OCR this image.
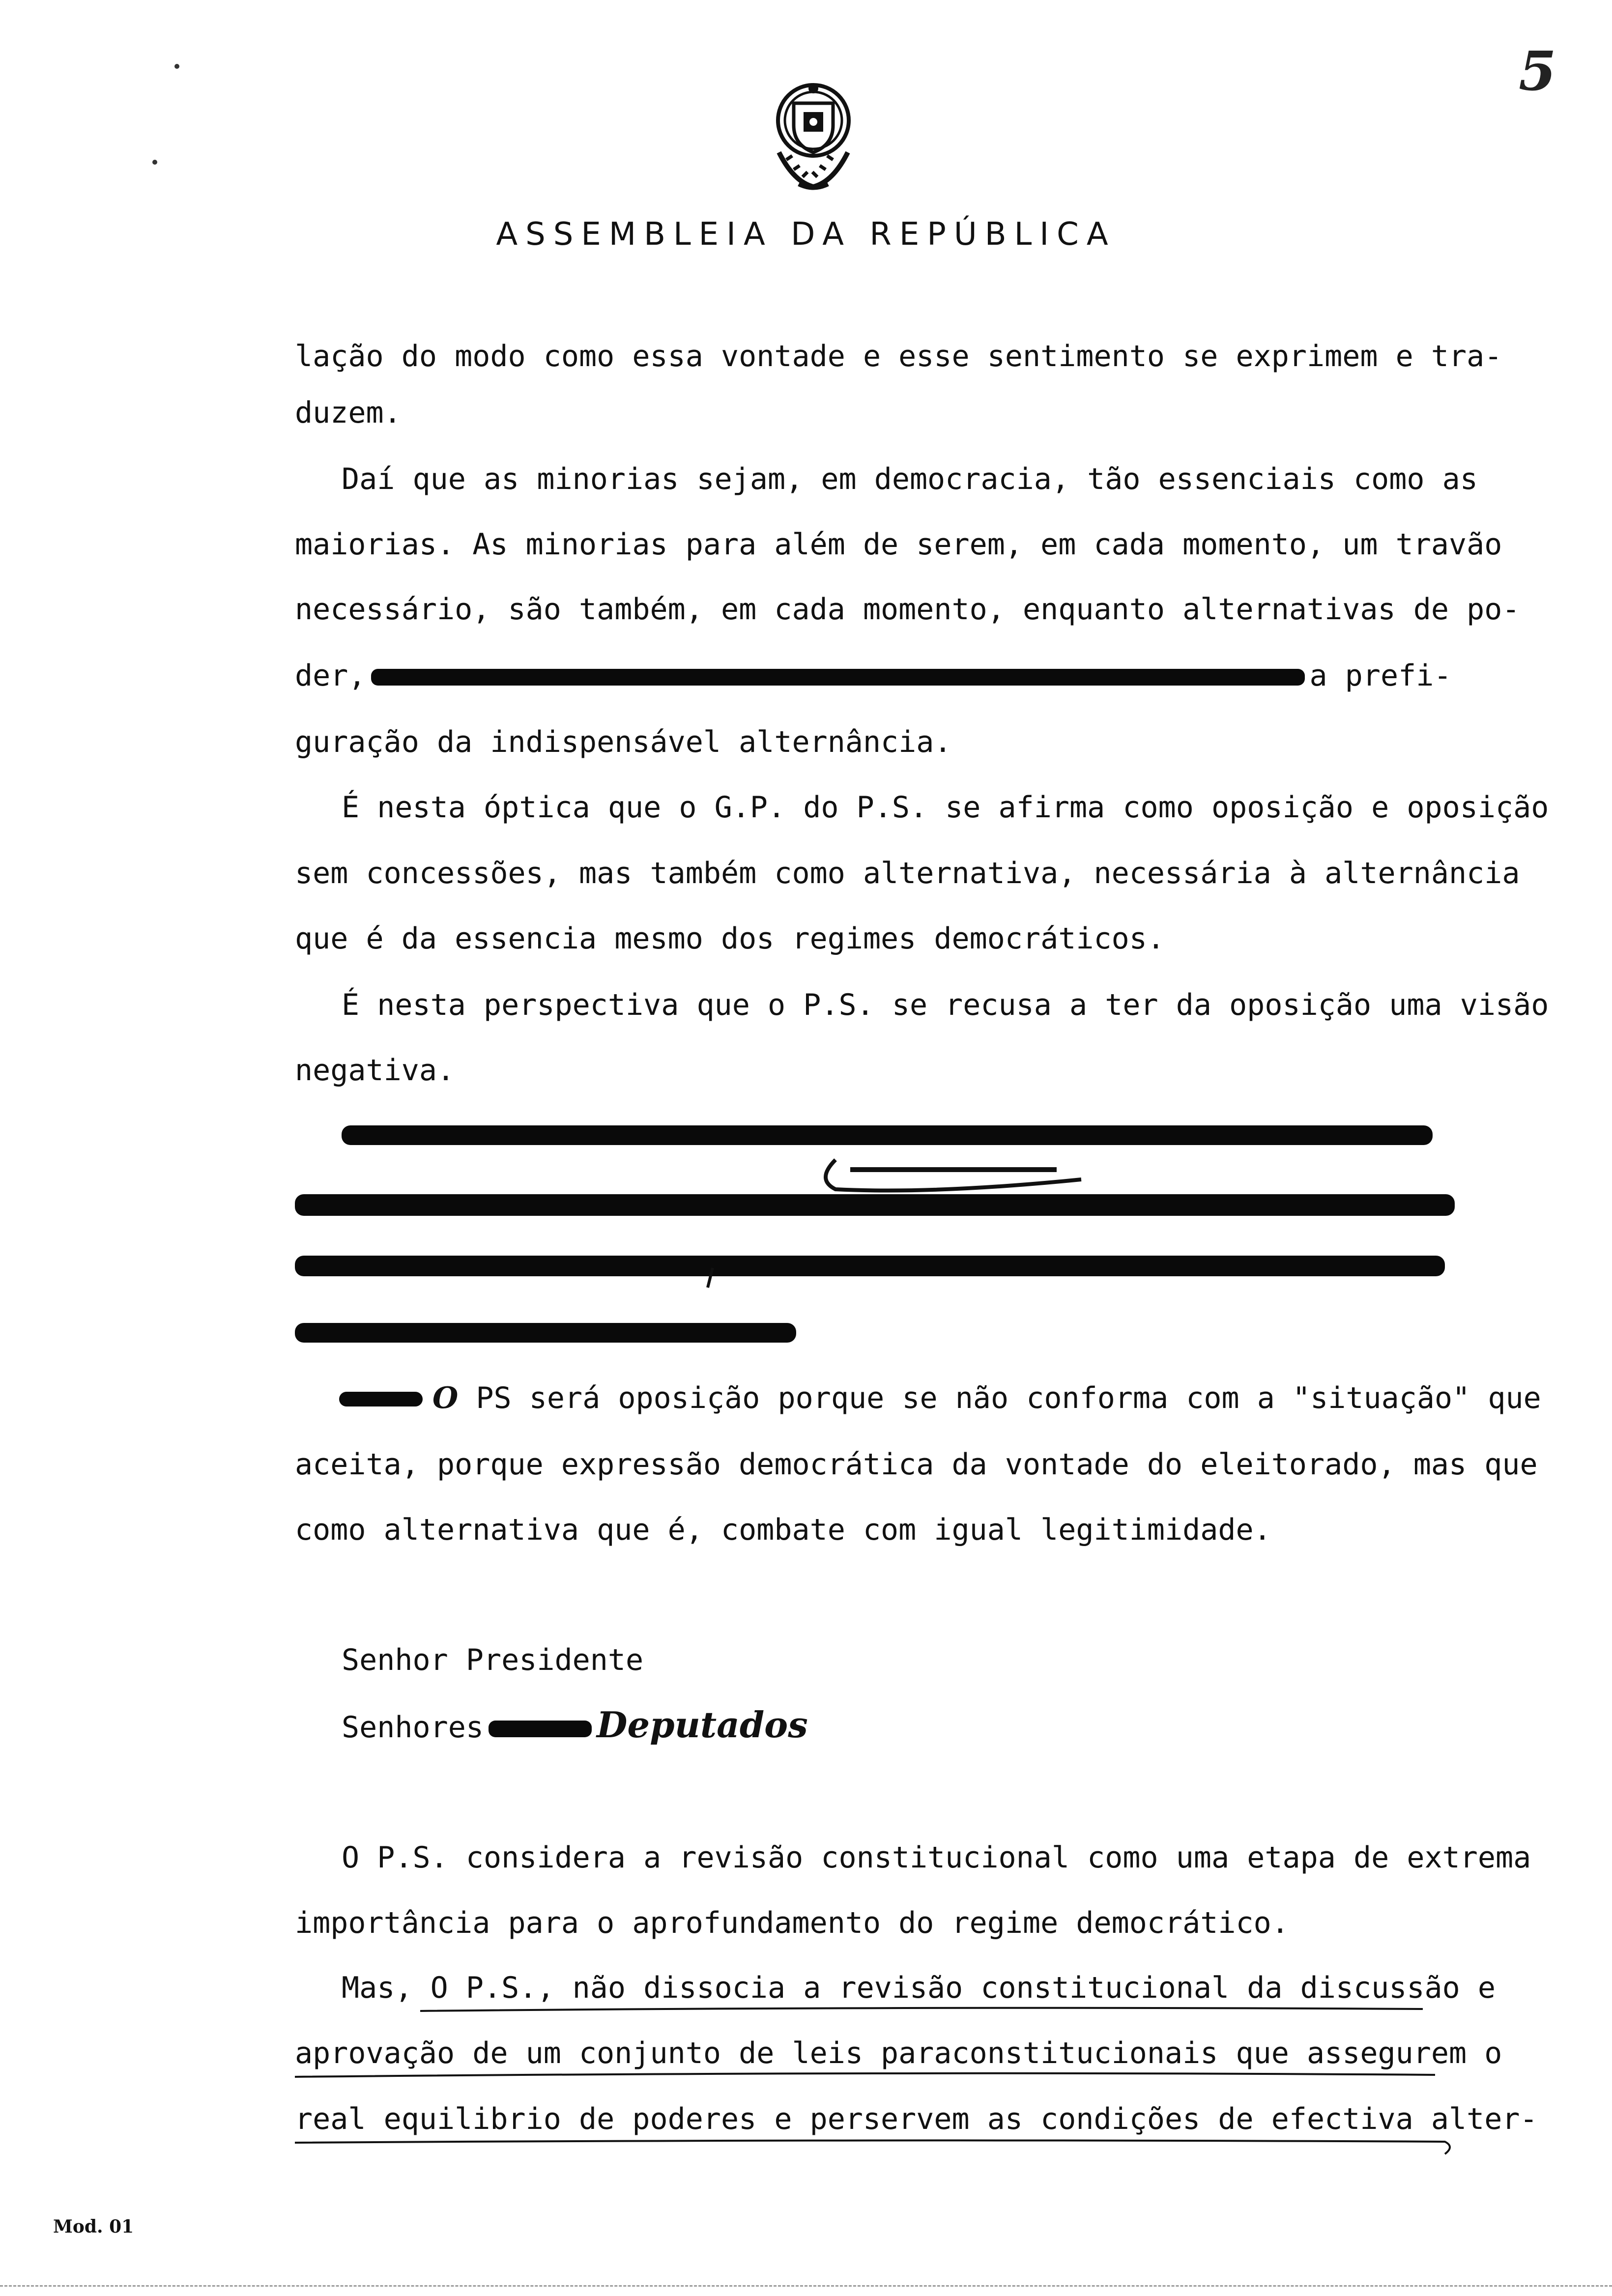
5
ASSEMBLEIA DA REPÚBLICA
lação do modo como essa vontade e esse sentimento se exprimem e tra-
duzem.
Daí que as minorias sejam, em democracia, tão essenciais como as
maiorias. As minorias para além de serem, em cada momento, um travão
necessário, são também, em cada momento, enquanto alternativas de po-
der,	a prefi-
guração da indispensável alternância.
É nesta óptica que o G.P. do P.S. se afirma como oposição e oposição
sem concessões, mas também como alternativa, necessária à alternância
que é da essencia mesmo dos regimes democráticos.
É nesta perspectiva que o P.S. se recusa a ter da oposição uma visão
negativa.
O PS será oposição porque se não conforma com a "situação" que
aceita, porque expressão democrática da vontade do eleitorado, mas que
como alternativa que é, combate com igual legitimidade.
Senhor Presidente
Senhores	Deputados
O P.S. considera a revisão constitucional como uma etapa de extrema
importância para o aprofundamento do regime democrático.
Mas, O P.S., não dissocia a revisão constitucional da discussão e
aprovação de um conjunto de leis paraconstitucionais que assegurem o
real equilibrio de poderes e perservem as condições de efectiva alter-
Mod. 01
